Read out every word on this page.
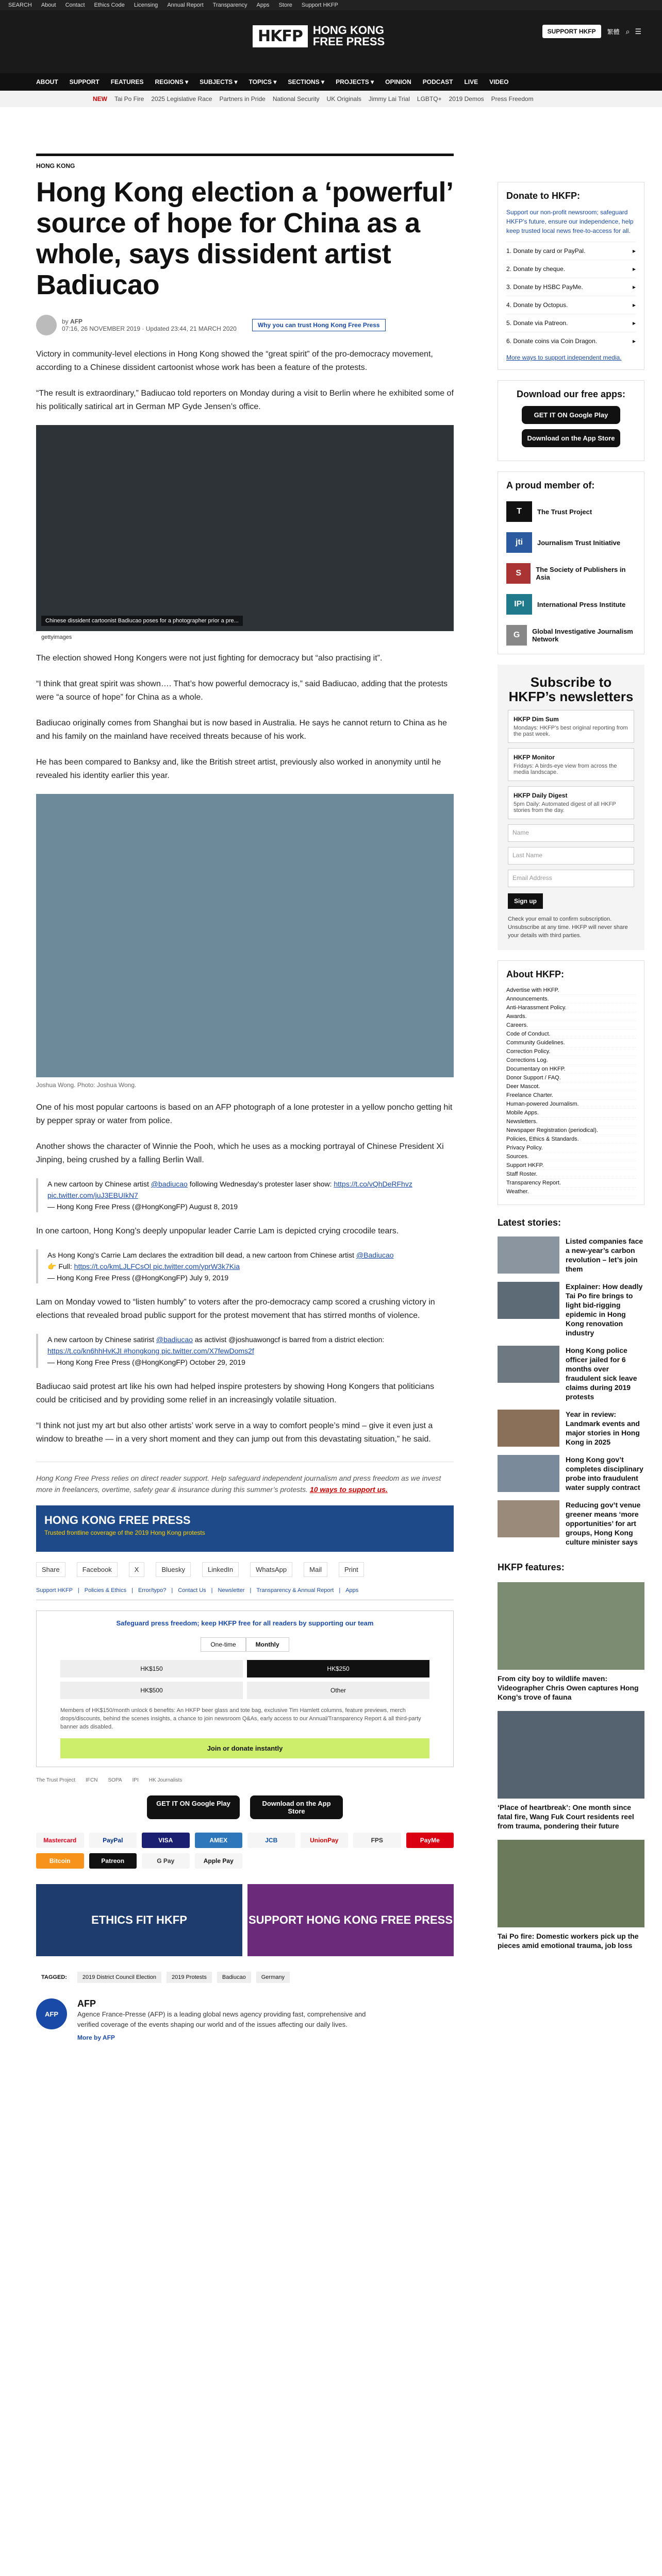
SEARCH About Contact Ethics Code Licensing Annual Report Transparency Apps Store Support HKFP
HKFP HONG KONG
FREE PRESS
SUPPORT HKFP	繁體 ⌕ ☰
ABOUT SUPPORT FEATURES REGIONS ▾ SUBJECTS ▾ TOPICS ▾ SECTIONS ▾ PROJECTS ▾ OPINION PODCAST LIVE VIDEO
NEW Tai Po Fire 2025 Legislative Race Partners in Pride National Security UK Originals Jimmy Lai Trial LGBTQ+ 2019 Demos Press Freedom
HONG KONG
Hong Kong election a ‘powerful’ source of hope for China as a whole, says dissident artist Badiucao
by AFP
07:16, 26 NOVEMBER 2019 · Updated 23:44, 21 MARCH 2020	Why you can trust Hong Kong Free Press

Victory in community-level elections in Hong Kong showed the “great spirit” of the pro-democracy movement, according to a Chinese dissident cartoonist whose work has been a feature of the protests.

“The result is extraordinary,” Badiucao told reporters on Monday during a visit to Berlin where he exhibited some of his politically satirical art in German MP Gyde Jensen’s office.

Chinese dissident cartoonist Badiucao poses for a photographer prior a pre...
gettyimages

The election showed Hong Kongers were not just fighting for democracy but “also practising it”.

“I think that great spirit was shown…. That’s how powerful democracy is,” said Badiucao, adding that the protests were “a source of hope” for China as a whole.

Badiucao originally comes from Shanghai but is now based in Australia. He says he cannot return to China as he and his family on the mainland have received threats because of his work.

He has been compared to Banksy and, like the British street artist, previously also worked in anonymity until he revealed his identity earlier this year.

Joshua Wong. Photo: Joshua Wong.

One of his most popular cartoons is based on an AFP photograph of a lone protester in a yellow poncho getting hit by pepper spray or water from police.

Another shows the character of Winnie the Pooh, which he uses as a mocking portrayal of Chinese President Xi Jinping, being crushed by a falling Berlin Wall.

A new cartoon by Chinese artist @badiucao following Wednesday’s protester laser show: https://t.co/vQhDeRFhvz pic.twitter.com/juJ3EBUIkN7
— Hong Kong Free Press (@HongKongFP) August 8, 2019

In one cartoon, Hong Kong’s deeply unpopular leader Carrie Lam is depicted crying crocodile tears.

As Hong Kong’s Carrie Lam declares the extradition bill dead, a new cartoon from Chinese artist @Badiucao
👉 Full: https://t.co/kmLJLFCsOl pic.twitter.com/yprW3k7Kia
— Hong Kong Free Press (@HongKongFP) July 9, 2019

Lam on Monday vowed to “listen humbly” to voters after the pro-democracy camp scored a crushing victory in elections that revealed broad public support for the protest movement that has stirred months of violence.

A new cartoon by Chinese satirist @badiucao as activist @joshuawongcf is barred from a district election: https://t.co/kn6hhHvKJI #hongkong pic.twitter.com/X7fewDoms2f
— Hong Kong Free Press (@HongKongFP) October 29, 2019

Badiucao said protest art like his own had helped inspire protesters by showing Hong Kongers that politicians could be criticised and by providing some relief in an increasingly volatile situation.

“I think not just my art but also other artists’ work serve in a way to comfort people’s mind – give it even just a window to breathe — in a very short moment and they can jump out from this devastating situation,” he said.

Hong Kong Free Press relies on direct reader support. Help safeguard independent journalism and press freedom as we invest more in freelancers, overtime, safety gear & insurance during this summer’s protests. 10 ways to support us.
HONG KONG FREE PRESS
Trusted frontline coverage of the 2019 Hong Kong protests
Share	Facebook	X	Bluesky	LinkedIn	WhatsApp	Mail	Print
Support HKFP | Policies & Ethics | Error/typo? | Contact Us | Newsletter | Transparency & Annual Report | Apps
Safeguard press freedom; keep HKFP free for all readers by supporting our team
One-time	Monthly
HK$150	HK$250
HK$500	Other
Members of HK$150/month unlock 6 benefits: An HKFP beer glass and tote bag, exclusive Tim Hamlett columns, feature previews, merch drops/discounts, behind the scenes insights, a chance to join newsroom Q&As, early access to our Annual/Transparency Report & all third-party banner ads disabled.
Join or donate instantly
The Trust Project IFCN SOPA IPI HK Journalists
GET IT ON Google Play	Download on the App Store
Mastercard	PayPal	VISA	AMEX	JCB	UnionPay	FPS	PayMe
Bitcoin	Patreon	G Pay	Apple Pay
ETHICS FIT HKFP	SUPPORT HONG KONG FREE PRESS
TAGGED:	2019 District Council Election	2019 Protests	Badiucao	Germany
AFP
AFP
Agence France-Presse (AFP) is a leading global news agency providing fast, comprehensive and verified coverage of the events shaping our world and of the issues affecting our daily lives.
More by AFP
Donate to HKFP:
Support our non-profit newsroom; safeguard HKFP’s future, ensure our independence, help keep trusted local news free-to-access for all.
1. Donate by card or PayPal.	▸
2. Donate by cheque.	▸
3. Donate by HSBC PayMe.	▸
4. Donate by Octopus.	▸
5. Donate via Patreon.	▸
6. Donate coins via Coin Dragon.	▸
More ways to support independent media.
Download our free apps:
GET IT ON Google Play
Download on the App Store
A proud member of:
T	The Trust Project
jti	Journalism Trust Initiative
S	The Society of Publishers in Asia
IPI	International Press Institute
G	Global Investigative Journalism Network
Subscribe to HKFP’s newsletters
HKFP Dim Sum
Mondays: HKFP’s best original reporting from the past week.
HKFP Monitor
Fridays: A birds-eye view from across the media landscape.
HKFP Daily Digest
5pm Daily: Automated digest of all HKFP stories from the day.
Name
Last Name
Email Address
Sign up
Check your email to confirm subscription. Unsubscribe at any time. HKFP will never share your details with third parties.
About HKFP:
Advertise with HKFP.
Announcements.
Anti-Harassment Policy.
Awards.
Careers.
Code of Conduct.
Community Guidelines.
Correction Policy.
Corrections Log.
Documentary on HKFP.
Donor Support / FAQ.
Deer Mascot.
Freelance Charter.
Human-powered Journalism.
Mobile Apps.
Newsletters.
Newspaper Registration (periodical).
Policies, Ethics & Standards.
Privacy Policy.
Sources.
Support HKFP.
Staff Roster.
Transparency Report.
Weather.
Latest stories:
Listed companies face a new-year’s carbon revolution – let’s join them
Explainer: How deadly Tai Po fire brings to light bid-rigging epidemic in Hong Kong renovation industry
Hong Kong police officer jailed for 6 months over fraudulent sick leave claims during 2019 protests
Year in review: Landmark events and major stories in Hong Kong in 2025
Hong Kong gov’t completes disciplinary probe into fraudulent water supply contract
Reducing gov’t venue greener means ‘more opportunities’ for art groups, Hong Kong culture minister says
HKFP features:
From city boy to wildlife maven: Videographer Chris Owen captures Hong Kong’s trove of fauna
‘Place of heartbreak’: One month since fatal fire, Wang Fuk Court residents reel from trauma, pondering their future
Tai Po fire: Domestic workers pick up the pieces amid emotional trauma, job loss
